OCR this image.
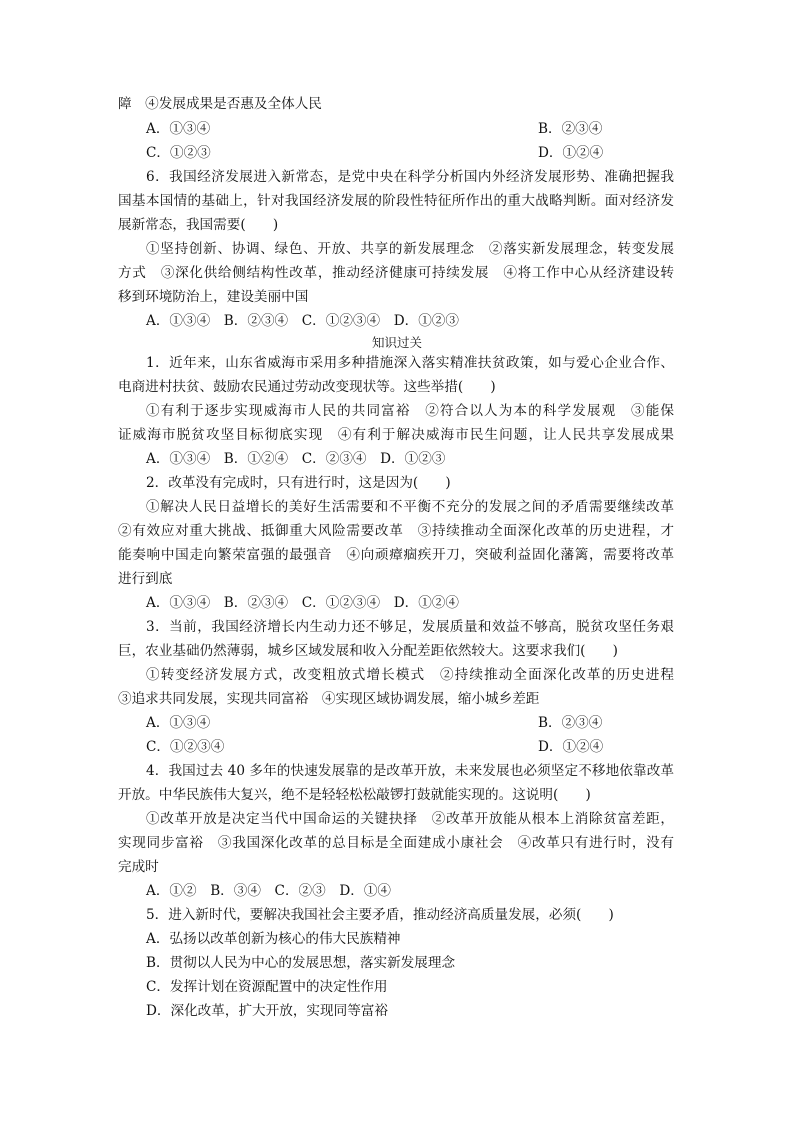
障　④发展成果是否惠及全体人民
A．①③④	B．②③④
C．①②③	D．①②④
6．我国经济发展进入新常态，是党中央在科学分析国内外经济发展形势、准确把握我
国基本国情的基础上，针对我国经济发展的阶段性特征所作出的重大战略判断。面对经济发
展新常态，我国需要(　　)
①坚持创新、协调、绿色、开放、共享的新发展理念　②落实新发展理念，转变发展
方式　③深化供给侧结构性改革，推动经济健康可持续发展　④将工作中心从经济建设转
移到环境防治上，建设美丽中国
A．①③④　B．②③④　C．①②③④　D．①②③
知识过关
1．近年来，山东省威海市采用多种措施深入落实精准扶贫政策，如与爱心企业合作、
电商进村扶贫、鼓励农民通过劳动改变现状等。这些举措(　　)
①有利于逐步实现威海市人民的共同富裕　②符合以人为本的科学发展观　③能保
证威海市脱贫攻坚目标彻底实现　④有利于解决威海市民生问题，让人民共享发展成果
A．①③④　B．①②④　C．②③④　D．①②③
2．改革没有完成时，只有进行时，这是因为(　　)
①解决人民日益增长的美好生活需要和不平衡不充分的发展之间的矛盾需要继续改革
②有效应对重大挑战、抵御重大风险需要改革　③持续推动全面深化改革的历史进程，才
能奏响中国走向繁荣富强的最强音　④向顽瘴痼疾开刀，突破利益固化藩篱，需要将改革
进行到底
A．①③④　B．②③④　C．①②③④　D．①②④
3．当前，我国经济增长内生动力还不够足，发展质量和效益不够高，脱贫攻坚任务艰
巨，农业基础仍然薄弱，城乡区域发展和收入分配差距依然较大。这要求我们(　　)
①转变经济发展方式，改变粗放式增长模式　②持续推动全面深化改革的历史进程
③追求共同发展，实现共同富裕　④实现区域协调发展，缩小城乡差距
A．①③④	B．②③④
C．①②③④	D．①②④
4．我国过去 40 多年的快速发展靠的是改革开放，未来发展也必须坚定不移地依靠改革
开放。中华民族伟大复兴，绝不是轻轻松松敲锣打鼓就能实现的。这说明(　　)
①改革开放是决定当代中国命运的关键抉择　②改革开放能从根本上消除贫富差距，
实现同步富裕　③我国深化改革的总目标是全面建成小康社会　④改革只有进行时，没有
完成时
A．①②　B．③④　C．②③　D．①④
5．进入新时代，要解决我国社会主要矛盾，推动经济高质量发展，必须(　　)
A．弘扬以改革创新为核心的伟大民族精神
B．贯彻以人民为中心的发展思想，落实新发展理念
C．发挥计划在资源配置中的决定性作用
D．深化改革，扩大开放，实现同等富裕
